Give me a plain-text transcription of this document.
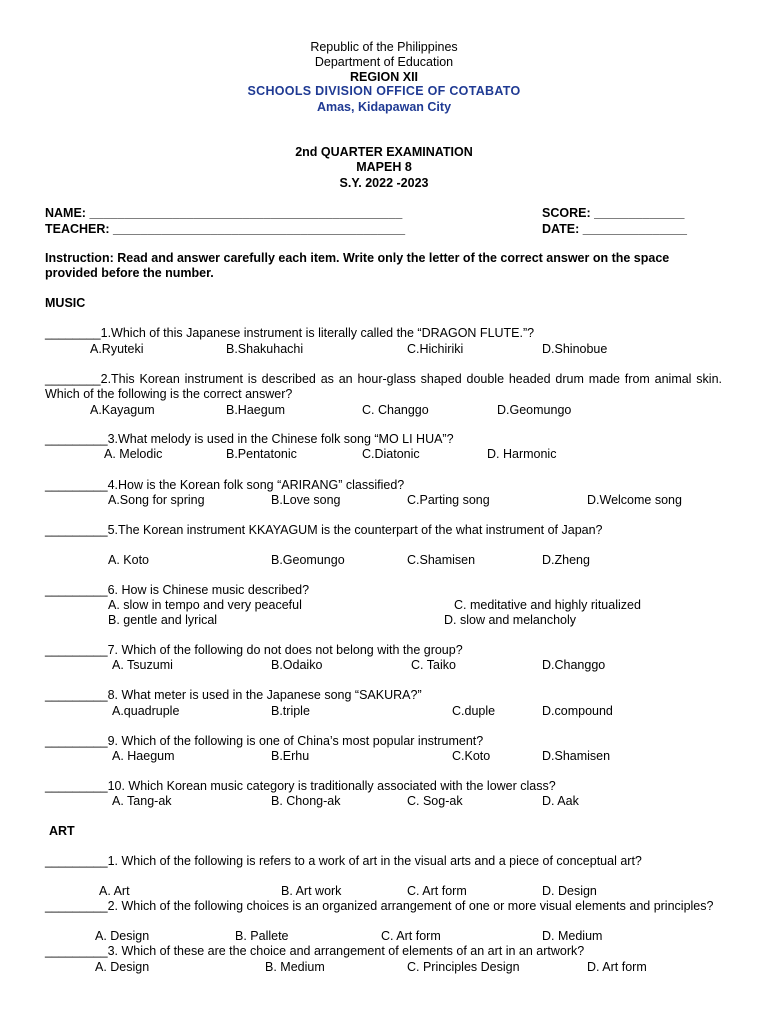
Republic of the Philippines
Department of Education
REGION XII
SCHOOLS DIVISION OFFICE OF COTABATO
Amas, Kidapawan City
2nd QUARTER EXAMINATION
MAPEH 8
S.Y. 2022 -2023
NAME: _____________________________________________	SCORE: _____________
TEACHER: __________________________________________	DATE: _______________
Instruction: Read and answer carefully each item. Write only the letter of the correct answer on the space provided before the number.
MUSIC
________1.Which of this Japanese instrument is literally called the “DRAGON FLUTE.”?
A.Ryuteki	B.Shakuhachi	C.Hichiriki	D.Shinobue
________2.This Korean instrument is described as an hour-glass shaped double headed drum made from animal skin. Which of the following is the correct answer?
A.Kayagum	B.Haegum	C. Changgo	D.Geomungo
_________3.What melody is used in the Chinese folk song “MO LI HUA”?
A. Melodic	B.Pentatonic	C.Diatonic	D. Harmonic
_________4.How is the Korean folk song “ARIRANG” classified?
A.Song for spring	B.Love song	C.Parting song	D.Welcome song
_________5.The Korean instrument KKAYAGUM is the counterpart of the what instrument of Japan?
A. Koto	B.Geomungo	C.Shamisen	D.Zheng
_________6. How is Chinese music described?
A. slow in tempo and very peaceful	C. meditative and highly ritualized
B. gentle and lyrical	D. slow and melancholy
_________7. Which of the following do not does not belong with the group?
A. Tsuzumi	B.Odaiko	C. Taiko	D.Changgo
_________8. What meter is used in the Japanese song “SAKURA?”
A.quadruple	B.triple	C.duple	D.compound
_________9. Which of the following is one of China’s most popular instrument?
A. Haegum	B.Erhu	C.Koto	D.Shamisen
_________10. Which Korean music category is traditionally associated with the lower class?
A. Tang-ak	B. Chong-ak	C. Sog-ak	D. Aak
ART
_________1. Which of the following is refers to a work of art in the visual arts and a piece of conceptual art?
A. Art	B. Art work	C. Art form	D. Design
_________2. Which of the following choices is an organized arrangement of one or more visual elements and principles?
A. Design	B. Pallete	C. Art form	D. Medium
_________3. Which of these are the choice and arrangement of elements of an art in an artwork?
A. Design	B. Medium	C. Principles Design	D. Art form
